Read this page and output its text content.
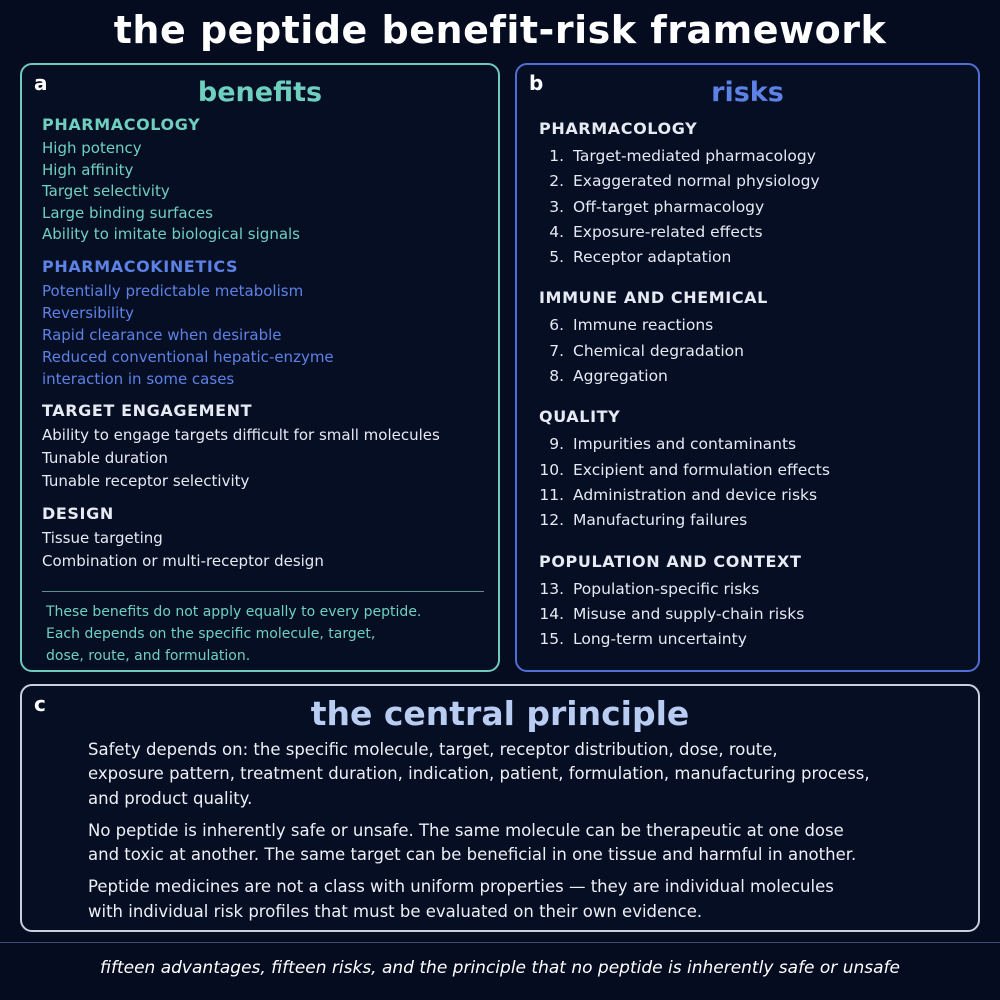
the peptide benefit-risk framework
a	benefits
PHARMACOLOGY
High potency
High affinity
Target selectivity
Large binding surfaces
Ability to imitate biological signals
PHARMACOKINETICS
Potentially predictable metabolism
Reversibility
Rapid clearance when desirable
Reduced conventional hepatic-enzyme
interaction in some cases
TARGET ENGAGEMENT
Ability to engage targets difficult for small molecules
Tunable duration
Tunable receptor selectivity
DESIGN
Tissue targeting
Combination or multi-receptor design
These benefits do not apply equally to every peptide.
Each depends on the specific molecule, target,
dose, route, and formulation.
b	risks
PHARMACOLOGY
1. Target-mediated pharmacology
2. Exaggerated normal physiology
3. Off-target pharmacology
4. Exposure-related effects
5. Receptor adaptation
IMMUNE AND CHEMICAL
6. Immune reactions
7. Chemical degradation
8. Aggregation
QUALITY
9. Impurities and contaminants
10. Excipient and formulation effects
11. Administration and device risks
12. Manufacturing failures
POPULATION AND CONTEXT
13. Population-specific risks
14. Misuse and supply-chain risks
15. Long-term uncertainty
c	the central principle
Safety depends on: the specific molecule, target, receptor distribution, dose, route,
exposure pattern, treatment duration, indication, patient, formulation, manufacturing process,
and product quality.
No peptide is inherently safe or unsafe. The same molecule can be therapeutic at one dose
and toxic at another. The same target can be beneficial in one tissue and harmful in another.
Peptide medicines are not a class with uniform properties — they are individual molecules
with individual risk profiles that must be evaluated on their own evidence.
fifteen advantages, fifteen risks, and the principle that no peptide is inherently safe or unsafe
